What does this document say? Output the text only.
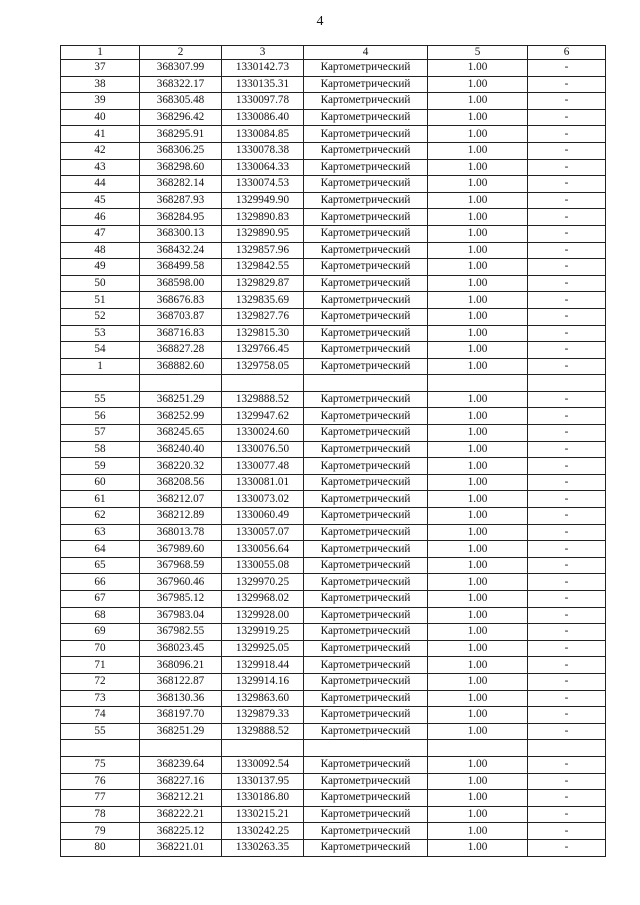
4
1	2	3	4	5	6
37	368307.99	1330142.73	Картометрический	1.00	-
38	368322.17	1330135.31	Картометрический	1.00	-
39	368305.48	1330097.78	Картометрический	1.00	-
40	368296.42	1330086.40	Картометрический	1.00	-
41	368295.91	1330084.85	Картометрический	1.00	-
42	368306.25	1330078.38	Картометрический	1.00	-
43	368298.60	1330064.33	Картометрический	1.00	-
44	368282.14	1330074.53	Картометрический	1.00	-
45	368287.93	1329949.90	Картометрический	1.00	-
46	368284.95	1329890.83	Картометрический	1.00	-
47	368300.13	1329890.95	Картометрический	1.00	-
48	368432.24	1329857.96	Картометрический	1.00	-
49	368499.58	1329842.55	Картометрический	1.00	-
50	368598.00	1329829.87	Картометрический	1.00	-
51	368676.83	1329835.69	Картометрический	1.00	-
52	368703.87	1329827.76	Картометрический	1.00	-
53	368716.83	1329815.30	Картометрический	1.00	-
54	368827.28	1329766.45	Картометрический	1.00	-
1	368882.60	1329758.05	Картометрический	1.00	-

55	368251.29	1329888.52	Картометрический	1.00	-
56	368252.99	1329947.62	Картометрический	1.00	-
57	368245.65	1330024.60	Картометрический	1.00	-
58	368240.40	1330076.50	Картометрический	1.00	-
59	368220.32	1330077.48	Картометрический	1.00	-
60	368208.56	1330081.01	Картометрический	1.00	-
61	368212.07	1330073.02	Картометрический	1.00	-
62	368212.89	1330060.49	Картометрический	1.00	-
63	368013.78	1330057.07	Картометрический	1.00	-
64	367989.60	1330056.64	Картометрический	1.00	-
65	367968.59	1330055.08	Картометрический	1.00	-
66	367960.46	1329970.25	Картометрический	1.00	-
67	367985.12	1329968.02	Картометрический	1.00	-
68	367983.04	1329928.00	Картометрический	1.00	-
69	367982.55	1329919.25	Картометрический	1.00	-
70	368023.45	1329925.05	Картометрический	1.00	-
71	368096.21	1329918.44	Картометрический	1.00	-
72	368122.87	1329914.16	Картометрический	1.00	-
73	368130.36	1329863.60	Картометрический	1.00	-
74	368197.70	1329879.33	Картометрический	1.00	-
55	368251.29	1329888.52	Картометрический	1.00	-

75	368239.64	1330092.54	Картометрический	1.00	-
76	368227.16	1330137.95	Картометрический	1.00	-
77	368212.21	1330186.80	Картометрический	1.00	-
78	368222.21	1330215.21	Картометрический	1.00	-
79	368225.12	1330242.25	Картометрический	1.00	-
80	368221.01	1330263.35	Картометрический	1.00	-
